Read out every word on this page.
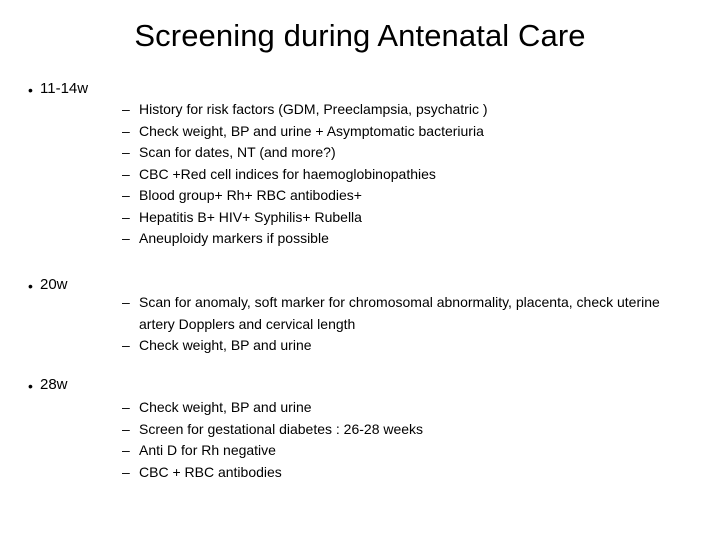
Screening during Antenatal Care
• 11-14w
– History for risk factors (GDM, Preeclampsia, psychatric )
– Check weight, BP and urine + Asymptomatic bacteriuria
– Scan for dates, NT (and more?)
– CBC +Red cell indices for haemoglobinopathies
– Blood group+ Rh+ RBC antibodies+
– Hepatitis B+ HIV+ Syphilis+ Rubella
– Aneuploidy markers if possible
• 20w
– Scan for anomaly, soft marker for chromosomal abnormality, placenta, check uterine artery Dopplers and cervical length
– Check weight, BP and urine
• 28w
– Check weight, BP and urine
– Screen for gestational diabetes : 26-28 weeks
– Anti D for Rh negative
– CBC + RBC antibodies
